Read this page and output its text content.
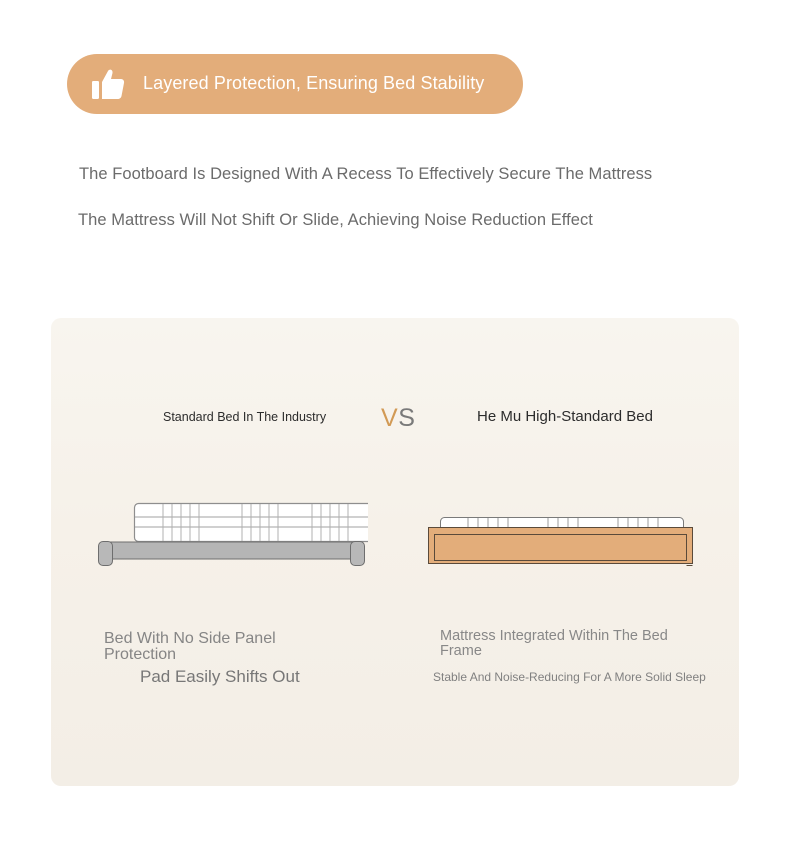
Layered Protection, Ensuring Bed Stability
The Footboard Is Designed With A Recess To Effectively Secure The Mattress
The Mattress Will Not Shift Or Slide, Achieving Noise Reduction Effect
Standard Bed In The Industry VS	He Mu High-Standard Bed
Bed With No Side Panel Protection
Pad Easily Shifts Out
Mattress Integrated Within The Bed Frame
Stable And Noise-Reducing For A More Solid Sleep
